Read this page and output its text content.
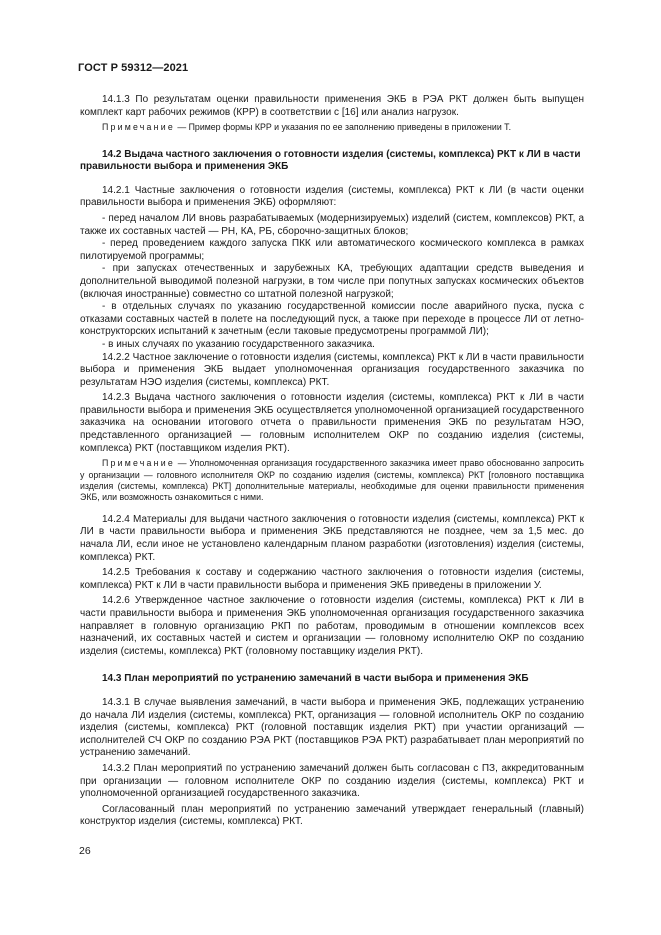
ГОСТ Р 59312—2021

14.1.3 По результатам оценки правильности применения ЭКБ в РЭА РКТ должен быть выпущен комплект карт рабочих режимов (КРР) в соответствии с [16] или анализ нагрузок.

Примечание — Пример формы КРР и указания по ее заполнению приведены в приложении Т.

14.2 Выдача частного заключения о готовности изделия (системы, комплекса) РКТ к ЛИ в части правильности выбора и применения ЭКБ

14.2.1 Частные заключения о готовности изделия (системы, комплекса) РКТ к ЛИ (в части оценки правильности выбора и применения ЭКБ) оформляют:

- перед началом ЛИ вновь разрабатываемых (модернизируемых) изделий (систем, комплексов) РКТ, а также их составных частей — РН, КА, РБ, сборочно-защитных блоков;
- перед проведением каждого запуска ПКК или автоматического космического комплекса в рамках пилотируемой программы;
- при запусках отечественных и зарубежных КА, требующих адаптации средств выведения и дополнительной выводимой полезной нагрузки, в том числе при попутных запусках космических объектов (включая иностранные) совместно со штатной полезной нагрузкой;
- в отдельных случаях по указанию государственной комиссии после аварийного пуска, пуска с отказами составных частей в полете на последующий пуск, а также при переходе в процессе ЛИ от летно-конструкторских испытаний к зачетным (если таковые предусмотрены программой ЛИ);
- в иных случаях по указанию государственного заказчика.

14.2.2 Частное заключение о готовности изделия (системы, комплекса) РКТ к ЛИ в части правильности выбора и применения ЭКБ выдает уполномоченная организация государственного заказчика по результатам НЭО изделия (системы, комплекса) РКТ.

14.2.3 Выдача частного заключения о готовности изделия (системы, комплекса) РКТ к ЛИ в части правильности выбора и применения ЭКБ осуществляется уполномоченной организацией государственного заказчика на основании итогового отчета о правильности применения ЭКБ по результатам НЭО, представленного организацией — головным исполнителем ОКР по созданию изделия (системы, комплекса) РКТ (поставщиком изделия РКТ).

Примечание — Уполномоченная организация государственного заказчика имеет право обоснованно запросить у организации — головного исполнителя ОКР по созданию изделия (системы, комплекса) РКТ [головного поставщика изделия (системы, комплекса) РКТ] дополнительные материалы, необходимые для оценки правильности применения ЭКБ, или возможность ознакомиться с ними.

14.2.4 Материалы для выдачи частного заключения о готовности изделия (системы, комплекса) РКТ к ЛИ в части правильности выбора и применения ЭКБ представляются не позднее, чем за 1,5 мес. до начала ЛИ, если иное не установлено календарным планом разработки (изготовления) изделия (системы, комплекса) РКТ.

14.2.5 Требования к составу и содержанию частного заключения о готовности изделия (системы, комплекса) РКТ к ЛИ в части правильности выбора и применения ЭКБ приведены в приложении У.

14.2.6 Утвержденное частное заключение о готовности изделия (системы, комплекса) РКТ к ЛИ в части правильности выбора и применения ЭКБ уполномоченная организация государственного заказчика направляет в головную организацию РКП по работам, проводимым в отношении комплексов всех назначений, их составных частей и систем и организации — головному исполнителю ОКР по созданию изделия (системы, комплекса) РКТ (головному поставщику изделия РКТ).

14.3 План мероприятий по устранению замечаний в части выбора и применения ЭКБ

14.3.1 В случае выявления замечаний, в части выбора и применения ЭКБ, подлежащих устранению до начала ЛИ изделия (системы, комплекса) РКТ, организация — головной исполнитель ОКР по созданию изделия (системы, комплекса) РКТ (головной поставщик изделия РКТ) при участии организаций — исполнителей СЧ ОКР по созданию РЭА РКТ (поставщиков РЭА РКТ) разрабатывает план мероприятий по устранению замечаний.

14.3.2 План мероприятий по устранению замечаний должен быть согласован с ПЗ, аккредитованным при организации — головном исполнителе ОКР по созданию изделия (системы, комплекса) РКТ и уполномоченной организацией государственного заказчика.

Согласованный план мероприятий по устранению замечаний утверждает генеральный (главный) конструктор изделия (системы, комплекса) РКТ.

26
